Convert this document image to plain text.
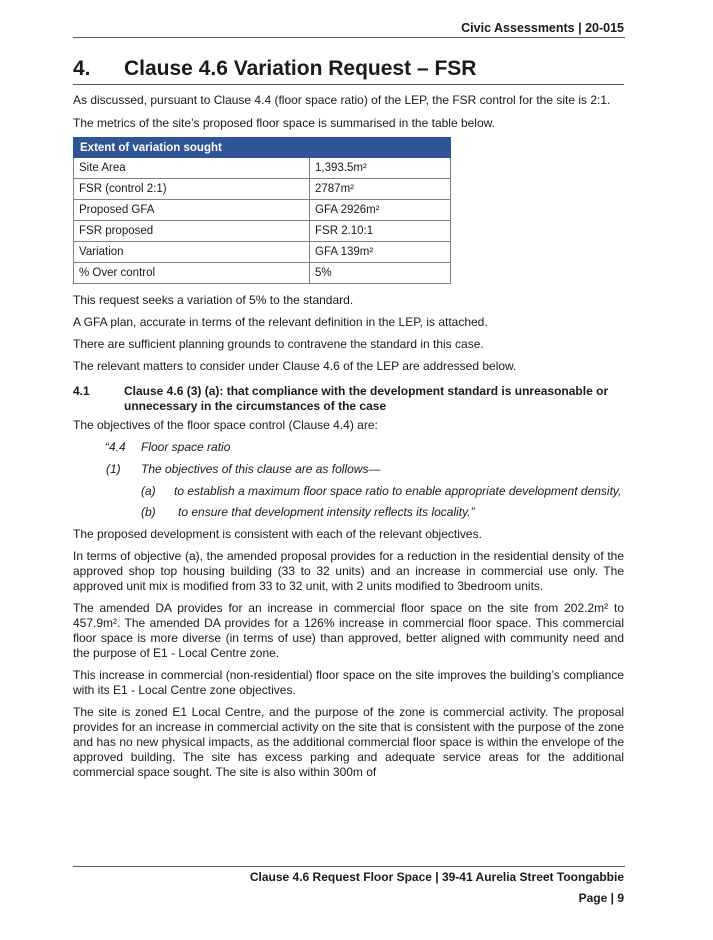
Civic Assessments | 20-015
4.	Clause 4.6 Variation Request – FSR

As discussed, pursuant to Clause 4.4 (floor space ratio) of the LEP, the FSR control for the site is 2:1.

The metrics of the site’s proposed floor space is summarised in the table below.

Extent of variation sought	
Site Area	1,393.5m²
FSR (control 2:1)	2787m²
Proposed GFA	GFA 2926m²
FSR proposed	FSR 2.10:1
Variation	GFA 139m²
% Over control	5%

This request seeks a variation of 5% to the standard.

A GFA plan, accurate in terms of the relevant definition in the LEP, is attached.

There are sufficient planning grounds to contravene the standard in this case.

The relevant matters to consider under Clause 4.6 of the LEP are addressed below.

4.1	Clause 4.6 (3) (a): that compliance with the development standard is unreasonable or unnecessary in the circumstances of the case

The objectives of the floor space control (Clause 4.4) are:

“4.4	Floor space ratio
(1)	The objectives of this clause are as follows—
(a)	to establish a maximum floor space ratio to enable appropriate development density,
(b)	to ensure that development intensity reflects its locality.”

The proposed development is consistent with each of the relevant objectives.

In terms of objective (a), the amended proposal provides for a reduction in the residential density of the approved shop top housing building (33 to 32 units) and an increase in commercial use only. The approved unit mix is modified from 33 to 32 unit, with 2 units modified to 3bedroom units.

The amended DA provides for an increase in commercial floor space on the site from 202.2m² to 457.9m². The amended DA provides for a 126% increase in commercial floor space. This commercial floor space is more diverse (in terms of use) than approved, better aligned with community need and the purpose of E1 - Local Centre zone.

This increase in commercial (non-residential) floor space on the site improves the building’s compliance with its E1 - Local Centre zone objectives.

The site is zoned E1 Local Centre, and the purpose of the zone is commercial activity. The proposal provides for an increase in commercial activity on the site that is consistent with the purpose of the zone and has no new physical impacts, as the additional commercial floor space is within the envelope of the approved building. The site has excess parking and adequate service areas for the additional commercial space sought. The site is also within 300m of

Clause 4.6 Request Floor Space | 39-41 Aurelia Street Toongabbie
Page | 9
